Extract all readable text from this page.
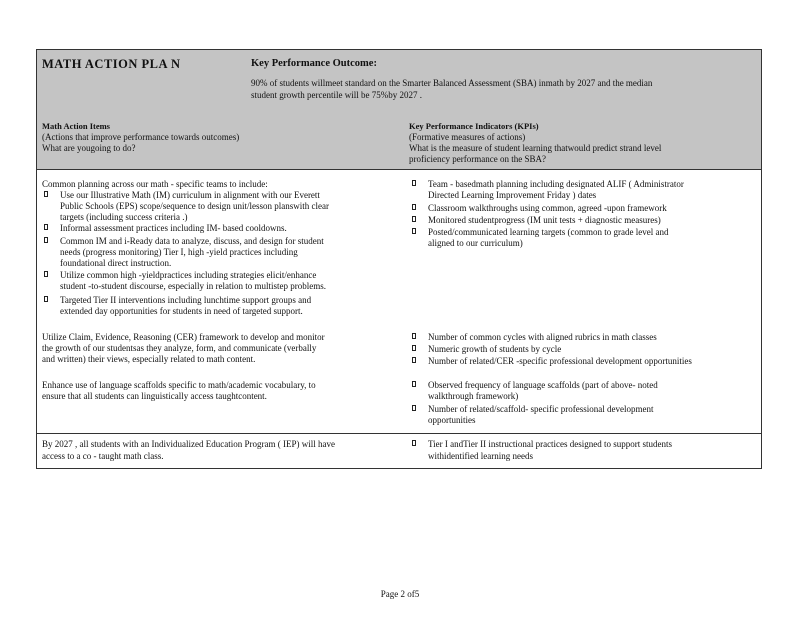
MATH ACTION PLA N	Key Performance Outcome:
90% of students willmeet standard on the Smarter Balanced Assessment (SBA) inmath by 2027 and the median
student growth percentile will be 75%by 2027 .
Math Action Items
(Actions that improve performance towards outcomes)
What are yougoing to do?
Key Performance Indicators (KPIs)
(Formative measures of actions)
What is the measure of student learning thatwould predict strand level
proficiency performance on the SBA?
Common planning across our math - specific teams to include:
Use our Illustrative Math (IM) curriculum in alignment with our Everett
Public Schools (EPS) scope/sequence to design unit/lesson planswith clear
targets (including success criteria .)
Informal assessment practices including IM- based cooldowns.
Common IM and i-Ready data to analyze, discuss, and design for student
needs (progress monitoring) Tier I, high -yield practices including
foundational direct instruction.
Utilize common high -yieldpractices including strategies elicit/enhance
student -to-student discourse, especially in relation to multistep problems.
Targeted Tier II interventions including lunchtime support groups and
extended day opportunities for students in need of targeted support.
Team - basedmath planning including designated ALIF ( Administrator
Directed Learning Improvement Friday ) dates
Classroom walkthroughs using common, agreed -upon framework
Monitored studentprogress (IM unit tests + diagnostic measures)
Posted/communicated learning targets (common to grade level and
aligned to our curriculum)
Utilize Claim, Evidence, Reasoning (CER) framework to develop and monitor
the growth of our studentsas they analyze, form, and communicate (verbally
and written) their views, especially related to math content.
Number of common cycles with aligned rubrics in math classes
Numeric growth of students by cycle
Number of related/CER -specific professional development opportunities
Enhance use of language scaffolds specific to math/academic vocabulary, to
ensure that all students can linguistically access taughtcontent.
Observed frequency of language scaffolds (part of above- noted
walkthrough framework)
Number of related/scaffold- specific professional development
opportunities
By 2027 , all students with an Individualized Education Program ( IEP) will have
access to a co - taught math class.
Tier I andTier II instructional practices designed to support students
withidentified learning needs
Page 2 of5
